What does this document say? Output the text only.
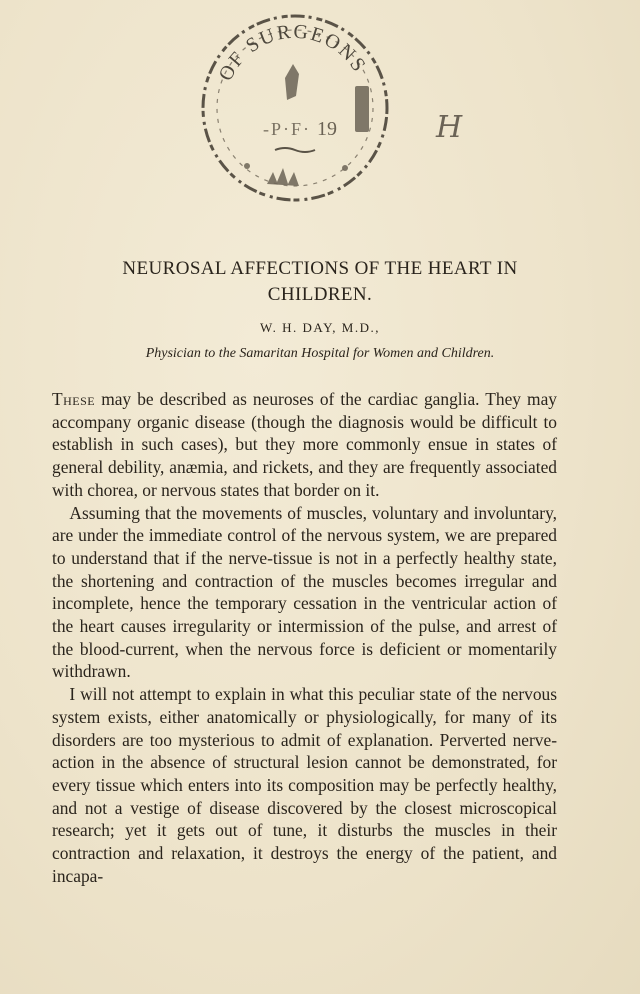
OF SURGEONS
-P·F· 19	H
NEUROSAL AFFECTIONS OF THE HEART IN
CHILDREN.
W. H. DAY, M.D.,
Physician to the Samaritan Hospital for Women and Children.

These may be described as neuroses of the cardiac ganglia. They may accompany organic disease (though the diagnosis would be difficult to establish in such cases), but they more commonly ensue in states of general debility, anæmia, and rickets, and they are frequently associated with chorea, or nervous states that border on it.

Assuming that the movements of muscles, voluntary and involuntary, are under the immediate control of the nervous system, we are prepared to understand that if the nerve-tissue is not in a perfectly healthy state, the shortening and contraction of the muscles becomes irregular and incomplete, hence the temporary cessation in the ventricular action of the heart causes irregularity or intermission of the pulse, and arrest of the blood-current, when the nervous force is deficient or momentarily withdrawn.

I will not attempt to explain in what this peculiar state of the nervous system exists, either anatomically or physiologically, for many of its disorders are too mysterious to admit of explanation. Perverted nerve-action in the absence of structural lesion cannot be demonstrated, for every tissue which enters into its composition may be perfectly healthy, and not a vestige of disease discovered by the closest microscopical research; yet it gets out of tune, it disturbs the muscles in their contraction and relaxation, it destroys the energy of the patient, and incapa-
